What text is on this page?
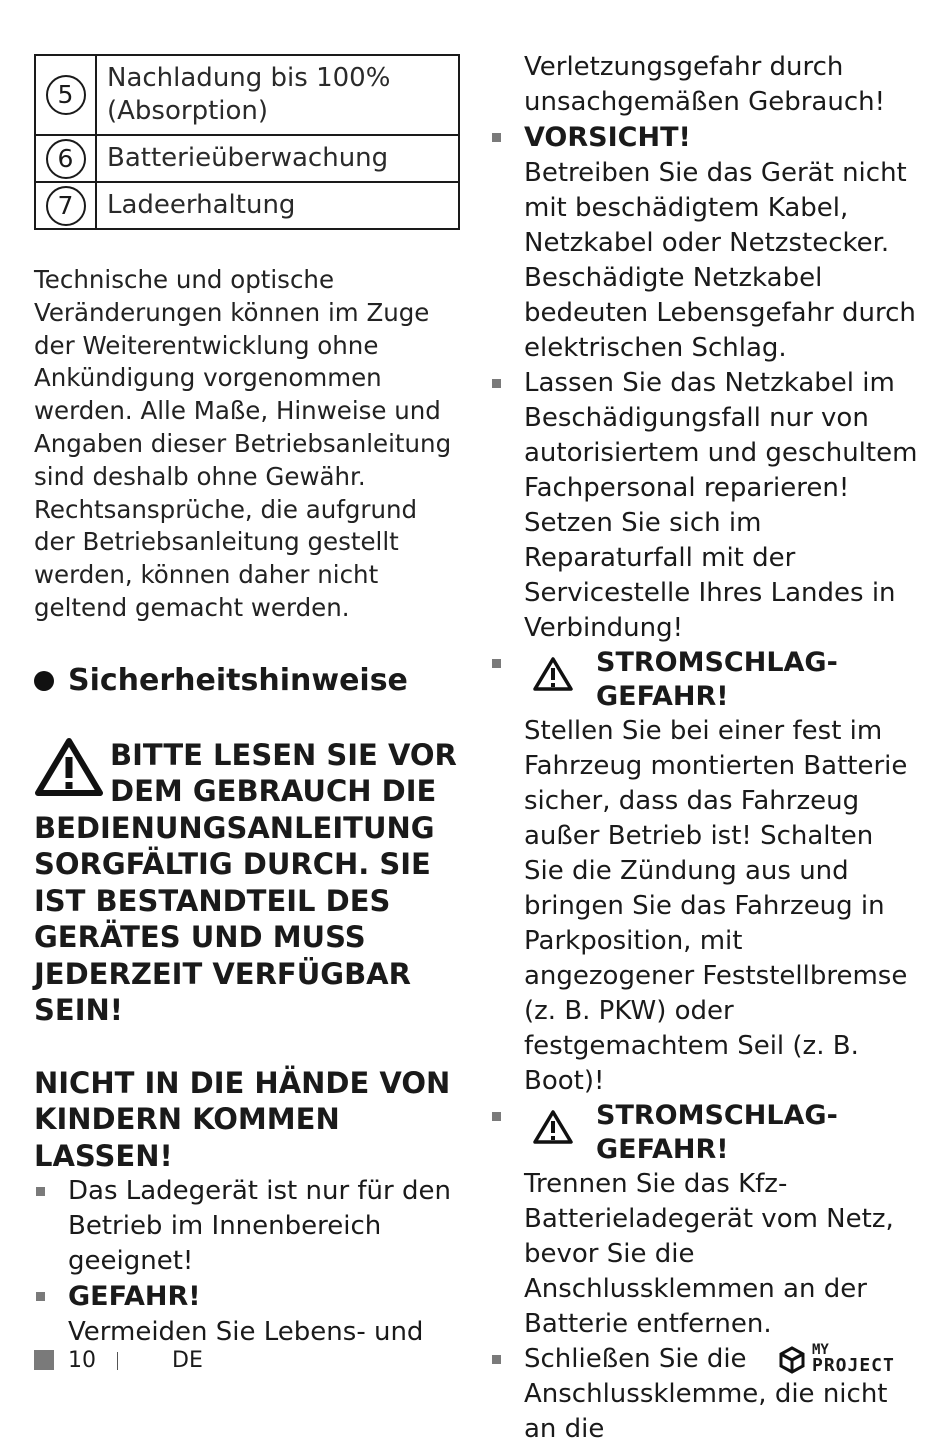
5	Nachladung bis 100% (Absorption)
6	Batterieüberwachung
7	Ladeerhaltung
Technische und optische Veränderungen können im Zuge der Weiterentwicklung ohne Ankündigung vorgenommen werden. Alle Maße, Hinweise und Angaben dieser Betriebsanleitung sind deshalb ohne Gewähr. Rechtsansprüche, die aufgrund der Betriebsanleitung gestellt werden, können daher nicht geltend gemacht werden.
Sicherheitshinweise
BITTE LESEN SIE VOR DEM GEBRAUCH DIE BEDIENUNGSANLEITUNG SORGFÄLTIG DURCH. SIE IST BESTANDTEIL DES GERÄTES UND MUSS JEDERZEIT VERFÜGBAR SEIN!
NICHT IN DIE HÄNDE VON KINDERN KOMMEN LASSEN!
Das Ladegerät ist nur für den Betrieb im Innenbereich geeignet!
GEFAHR!
Vermeiden Sie Lebens- und
Verletzungsgefahr durch unsachgemäßen Gebrauch!
VORSICHT!
Betreiben Sie das Gerät nicht mit beschädigtem Kabel, Netzkabel oder Netzstecker. Beschädigte Netzkabel bedeuten Lebensgefahr durch elektrischen Schlag.
Lassen Sie das Netzkabel im Beschädigungsfall nur von autorisiertem und geschultem Fachpersonal reparieren! Setzen Sie sich im Reparaturfall mit der Servicestelle Ihres Landes in Verbindung!
STROMSCHLAG-GEFAHR!
Stellen Sie bei einer fest im Fahrzeug montierten Batterie sicher, dass das Fahrzeug außer Betrieb ist! Schalten Sie die Zündung aus und bringen Sie das Fahrzeug in Parkposition, mit angezogener Feststellbremse (z. B. PKW) oder festgemachtem Seil (z. B. Boot)!
STROMSCHLAG-GEFAHR!
Trennen Sie das Kfz-Batterieladegerät vom Netz, bevor Sie die Anschlussklemmen an der Batterie entfernen.
Schließen Sie die Anschlussklemme, die nicht an die
10	DE	MY
PROJECT
